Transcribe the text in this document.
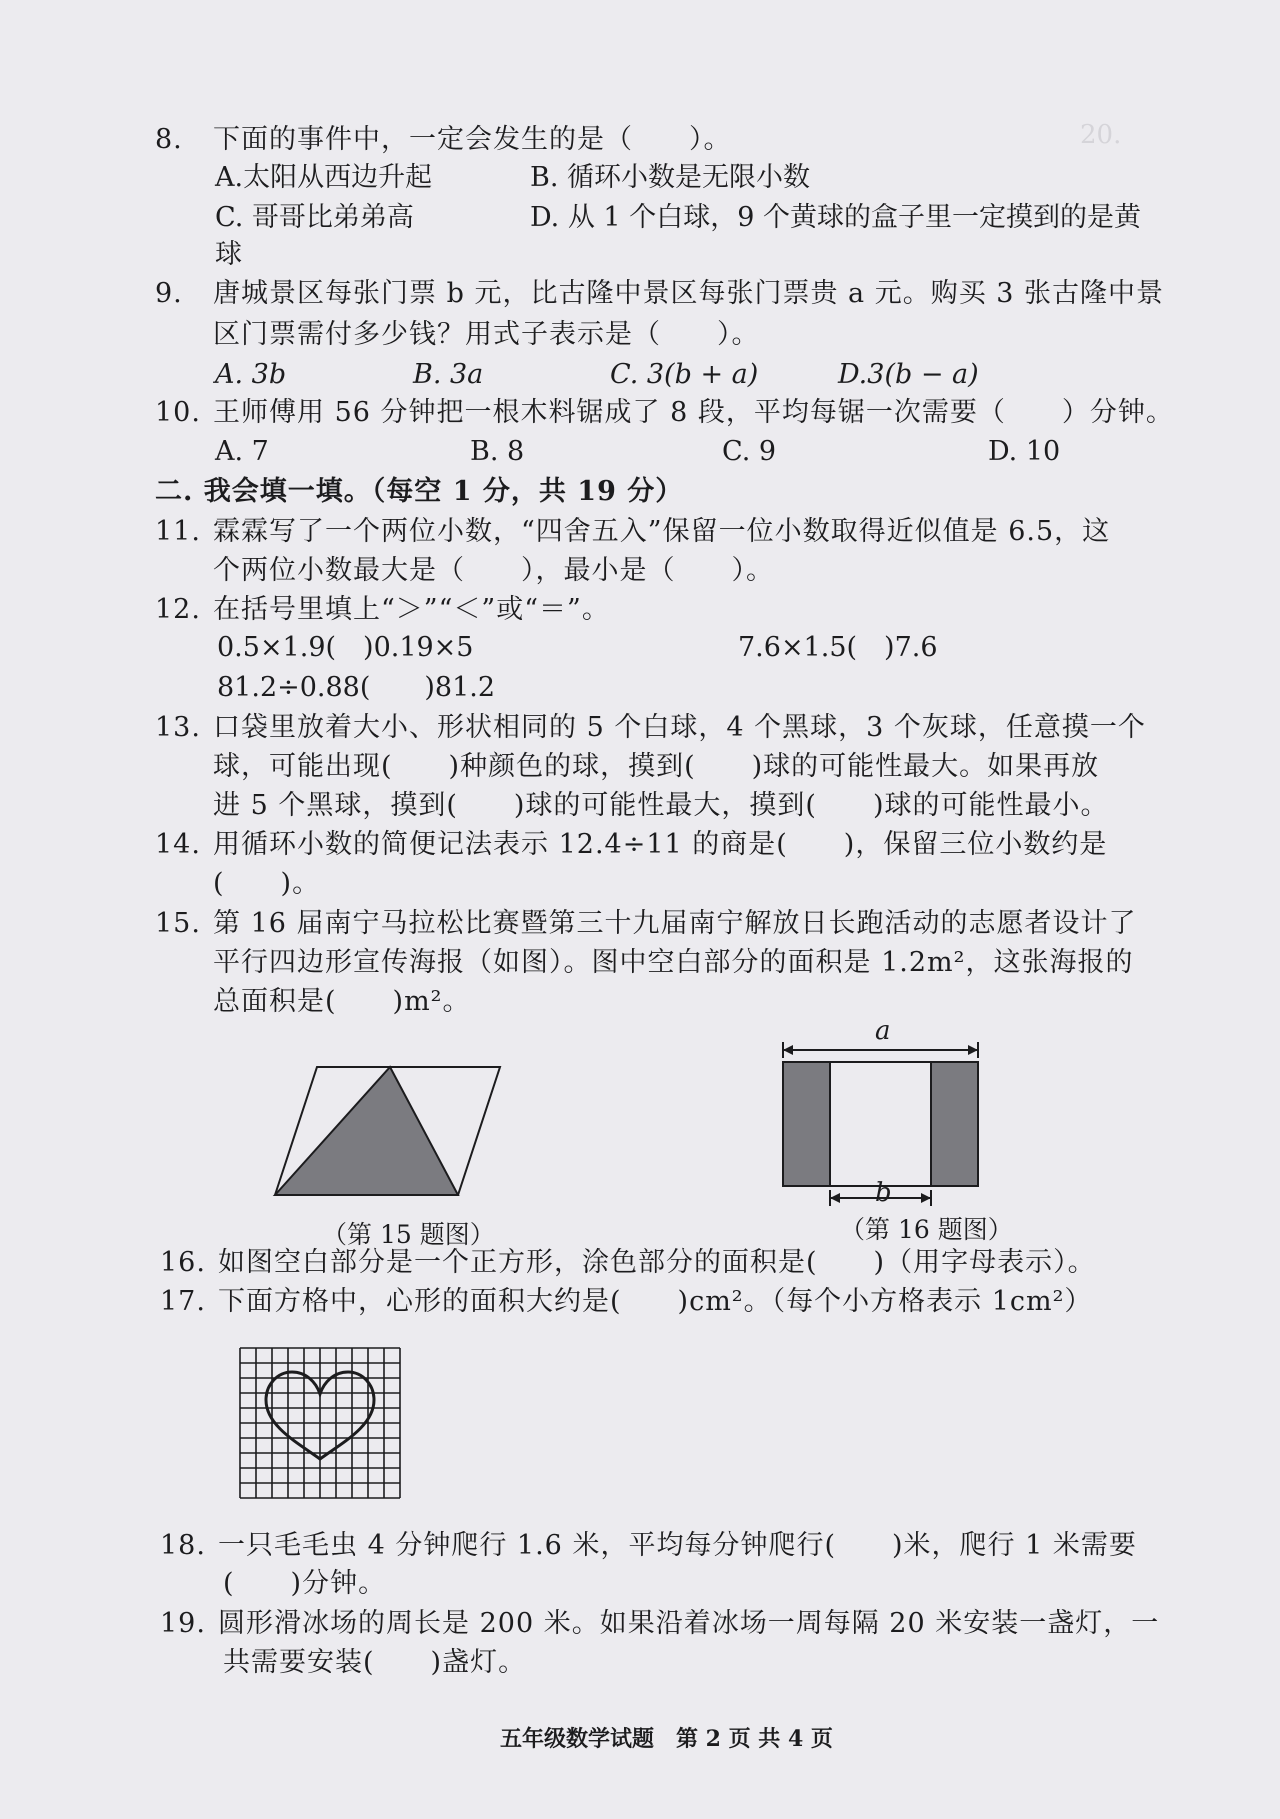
20.
8. 下面的事件中，一定会发生的是（　　）。
A.太阳从西边升起	B. 循环小数是无限小数
C. 哥哥比弟弟高	D. 从 1 个白球，9 个黄球的盒子里一定摸到的是黄
球
9. 唐城景区每张门票 b 元，比古隆中景区每张门票贵 a 元。购买 3 张古隆中景
区门票需付多少钱？用式子表示是（　　）。
A. 3b	B. 3a	C. 3(b + a)	D.3(b − a)
10. 王师傅用 56 分钟把一根木料锯成了 8 段，平均每锯一次需要（　　）分钟。
A. 7	B. 8	C. 9	D. 10
二. 我会填一填。（每空 1 分，共 19 分）
11. 霖霖写了一个两位小数，“四舍五入”保留一位小数取得近似值是 6.5，这
个两位小数最大是（　　），最小是（　　）。
12. 在括号里填上“＞”“＜”或“＝”。
0.5×1.9(　)0.19×5	7.6×1.5(　)7.6
81.2÷0.88(　　)81.2
13. 口袋里放着大小、形状相同的 5 个白球，4 个黑球，3 个灰球，任意摸一个
球，可能出现(　　)种颜色的球，摸到(　　)球的可能性最大。如果再放
进 5 个黑球，摸到(　　)球的可能性最大，摸到(　　)球的可能性最小。
14. 用循环小数的简便记法表示 12.4÷11 的商是(　　)，保留三位小数约是
(　　)。
15. 第 16 届南宁马拉松比赛暨第三十九届南宁解放日长跑活动的志愿者设计了
平行四边形宣传海报（如图）。图中空白部分的面积是 1.2m²，这张海报的
总面积是(　　)m²。
（第 15 题图）
a
b
（第 16 题图）
16. 如图空白部分是一个正方形，涂色部分的面积是(　　)（用字母表示）。
17. 下面方格中，心形的面积大约是(　　)cm²。（每个小方格表示 1cm²）
18. 一只毛毛虫 4 分钟爬行 1.6 米，平均每分钟爬行(　　)米，爬行 1 米需要
(　　)分钟。
19. 圆形滑冰场的周长是 200 米。如果沿着冰场一周每隔 20 米安装一盏灯，一
共需要安装(　　)盏灯。
五年级数学试题　第 2 页 共 4 页
